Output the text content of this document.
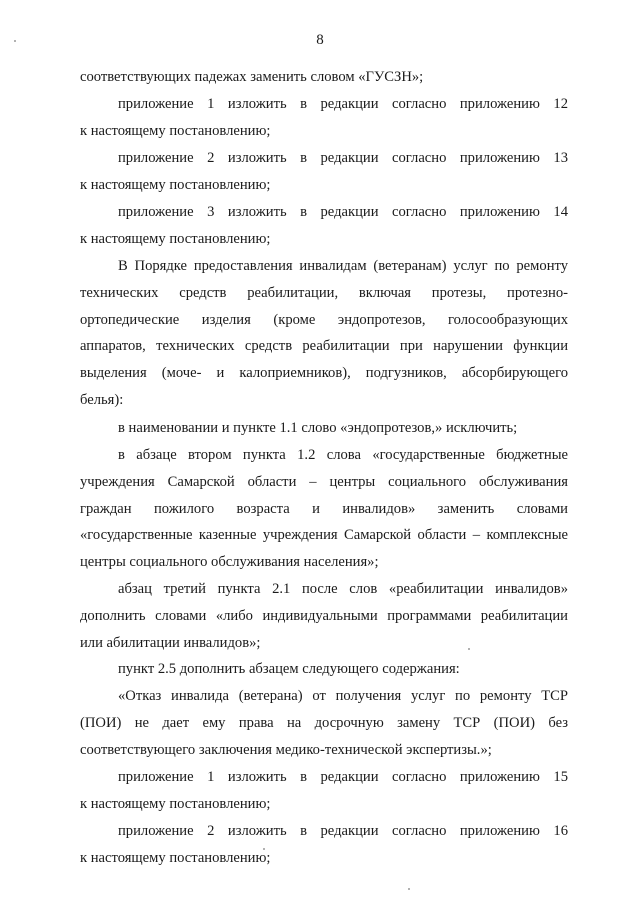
8
соответствующих падежах заменить словом «ГУСЗН»;
приложение 1 изложить в редакции согласно приложению 12
к настоящему постановлению;
приложение 2 изложить в редакции согласно приложению 13
к настоящему постановлению;
приложение 3 изложить в редакции согласно приложению 14
к настоящему постановлению;
В Порядке предоставления инвалидам (ветеранам) услуг по ремонту
технических средств реабилитации, включая протезы, протезно-
ортопедические изделия (кроме эндопротезов, голосообразующих
аппаратов, технических средств реабилитации при нарушении функции
выделения (моче- и калоприемников), подгузников, абсорбирующего
белья):
в наименовании и пункте 1.1 слово «эндопротезов,» исключить;
в абзаце втором пункта 1.2 слова «государственные бюджетные
учреждения Самарской области – центры социального обслуживания
граждан пожилого возраста и инвалидов» заменить словами
«государственные казенные учреждения Самарской области – комплексные
центры социального обслуживания населения»;
абзац третий пункта 2.1 после слов «реабилитации инвалидов»
дополнить словами «либо индивидуальными программами реабилитации
или абилитации инвалидов»;
пункт 2.5 дополнить абзацем следующего содержания:
«Отказ инвалида (ветерана) от получения услуг по ремонту ТСР
(ПОИ) не дает ему права на досрочную замену ТСР (ПОИ) без
соответствующего заключения медико-технической экспертизы.»;
приложение 1 изложить в редакции согласно приложению 15
к настоящему постановлению;
приложение 2 изложить в редакции согласно приложению 16
к настоящему постановлению;
